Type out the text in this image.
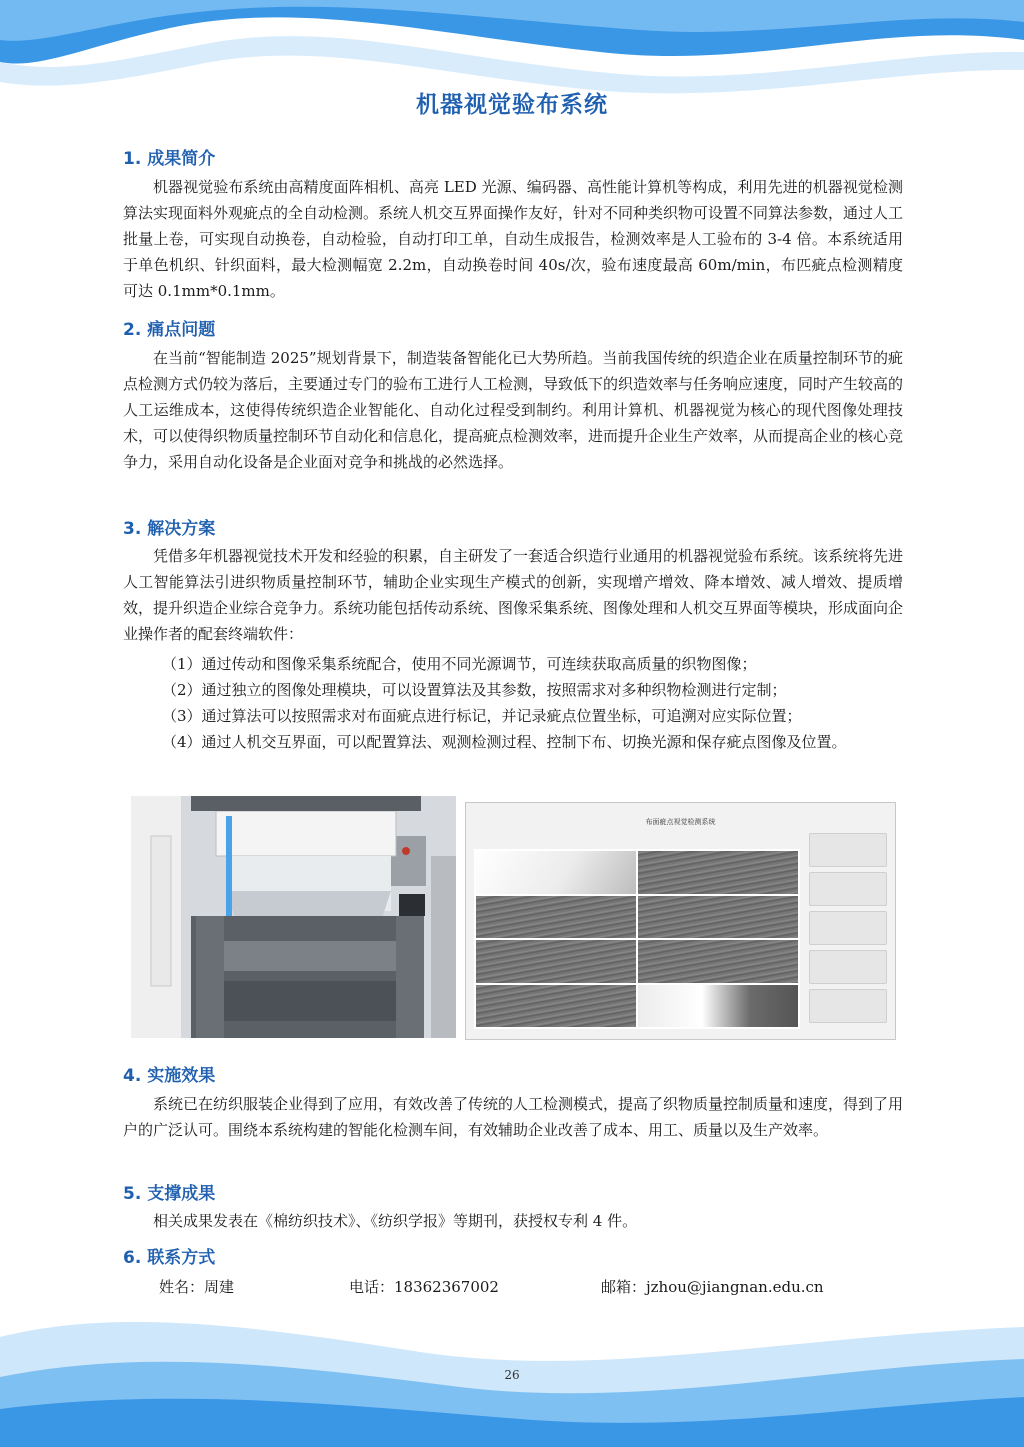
机器视觉验布系统
1. 成果简介

机器视觉验布系统由高精度面阵相机、高亮 LED 光源、编码器、高性能计算机等构成，利用先进的机器视觉检测算法实现面料外观疵点的全自动检测。系统人机交互界面操作友好，针对不同种类织物可设置不同算法参数，通过人工批量上卷，可实现自动换卷，自动检验，自动打印工单，自动生成报告，检测效率是人工验布的 3-4 倍。本系统适用于单色机织、针织面料，最大检测幅宽 2.2m，自动换卷时间 40s/次，验布速度最高 60m/min，布匹疵点检测精度可达 0.1mm*0.1mm。

2. 痛点问题

在当前“智能制造 2025”规划背景下，制造装备智能化已大势所趋。当前我国传统的织造企业在质量控制环节的疵点检测方式仍较为落后，主要通过专门的验布工进行人工检测，导致低下的织造效率与任务响应速度，同时产生较高的人工运维成本，这使得传统织造企业智能化、自动化过程受到制约。利用计算机、机器视觉为核心的现代图像处理技术，可以使得织物质量控制环节自动化和信息化，提高疵点检测效率，进而提升企业生产效率，从而提高企业的核心竞争力，采用自动化设备是企业面对竞争和挑战的必然选择。

3. 解决方案

凭借多年机器视觉技术开发和经验的积累，自主研发了一套适合织造行业通用的机器视觉验布系统。该系统将先进人工智能算法引进织物质量控制环节，辅助企业实现生产模式的创新，实现增产增效、降本增效、减人增效、提质增效，提升织造企业综合竞争力。系统功能包括传动系统、图像采集系统、图像处理和人机交互界面等模块，形成面向企业操作者的配套终端软件：

（1）通过传动和图像采集系统配合，使用不同光源调节，可连续获取高质量的织物图像；

（2）通过独立的图像处理模块，可以设置算法及其参数，按照需求对多种织物检测进行定制；

（3）通过算法可以按照需求对布面疵点进行标记，并记录疵点位置坐标，可追溯对应实际位置；

（4）通过人机交互界面，可以配置算法、观测检测过程、控制下布、切换光源和保存疵点图像及位置。

布面疵点视觉检测系统
4. 实施效果

系统已在纺织服装企业得到了应用，有效改善了传统的人工检测模式，提高了织物质量控制质量和速度，得到了用户的广泛认可。围绕本系统构建的智能化检测车间，有效辅助企业改善了成本、用工、质量以及生产效率。

5. 支撑成果

相关成果发表在《棉纺织技术》、《纺织学报》等期刊，获授权专利 4 件。

6. 联系方式
姓名：周建	电话：18362367002	邮箱：jzhou@jiangnan.edu.cn
26
